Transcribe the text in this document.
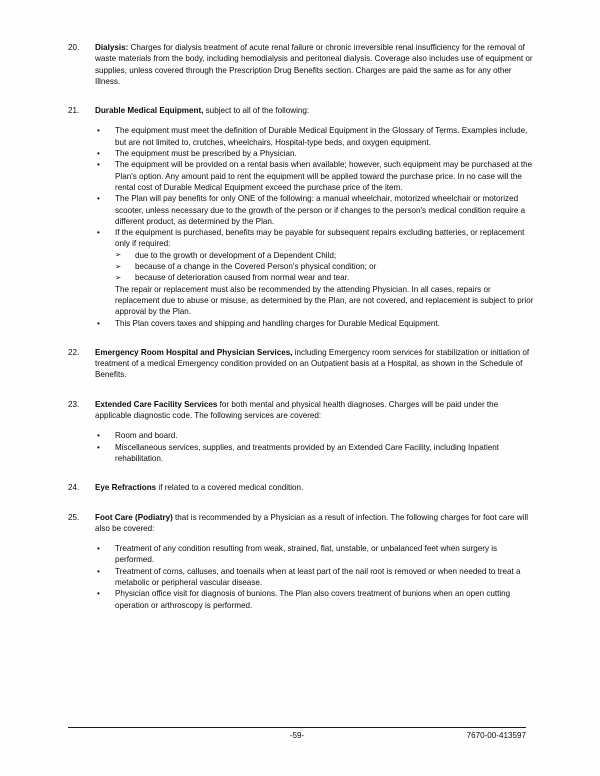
20.	Dialysis: Charges for dialysis treatment of acute renal failure or chronic irreversible renal insufficiency for the removal of waste materials from the body, including hemodialysis and peritoneal dialysis. Coverage also includes use of equipment or supplies, unless covered through the Prescription Drug Benefits section. Charges are paid the same as for any other Illness.
21.	Durable Medical Equipment, subject to all of the following:
• The equipment must meet the definition of Durable Medical Equipment in the Glossary of Terms. Examples include, but are not limited to, crutches, wheelchairs, Hospital-type beds, and oxygen equipment.
• The equipment must be prescribed by a Physician.
• The equipment will be provided on a rental basis when available; however, such equipment may be purchased at the Plan's option. Any amount paid to rent the equipment will be applied toward the purchase price. In no case will the rental cost of Durable Medical Equipment exceed the purchase price of the item.
• The Plan will pay benefits for only ONE of the following: a manual wheelchair, motorized wheelchair or motorized scooter, unless necessary due to the growth of the person or if changes to the person's medical condition require a different product, as determined by the Plan.
• If the equipment is purchased, benefits may be payable for subsequent repairs excluding batteries, or replacement only if required:
➢ due to the growth or development of a Dependent Child;
➢ because of a change in the Covered Person's physical condition; or
➢ because of deterioration caused from normal wear and tear.
The repair or replacement must also be recommended by the attending Physician. In all cases, repairs or replacement due to abuse or misuse, as determined by the Plan, are not covered, and replacement is subject to prior approval by the Plan.
• This Plan covers taxes and shipping and handling charges for Durable Medical Equipment.
22.	Emergency Room Hospital and Physician Services, including Emergency room services for stabilization or initiation of treatment of a medical Emergency condition provided on an Outpatient basis at a Hospital, as shown in the Schedule of Benefits.
23.	Extended Care Facility Services for both mental and physical health diagnoses. Charges will be paid under the applicable diagnostic code. The following services are covered:
• Room and board.
• Miscellaneous services, supplies, and treatments provided by an Extended Care Facility, including Inpatient rehabilitation.
24.	Eye Refractions if related to a covered medical condition.
25.	Foot Care (Podiatry) that is recommended by a Physician as a result of infection. The following charges for foot care will also be covered:
• Treatment of any condition resulting from weak, strained, flat, unstable, or unbalanced feet when surgery is performed.
• Treatment of corns, calluses, and toenails when at least part of the nail root is removed or when needed to treat a metabolic or peripheral vascular disease.
• Physician office visit for diagnosis of bunions. The Plan also covers treatment of bunions when an open cutting operation or arthroscopy is performed.
-59-	7670-00-413597
